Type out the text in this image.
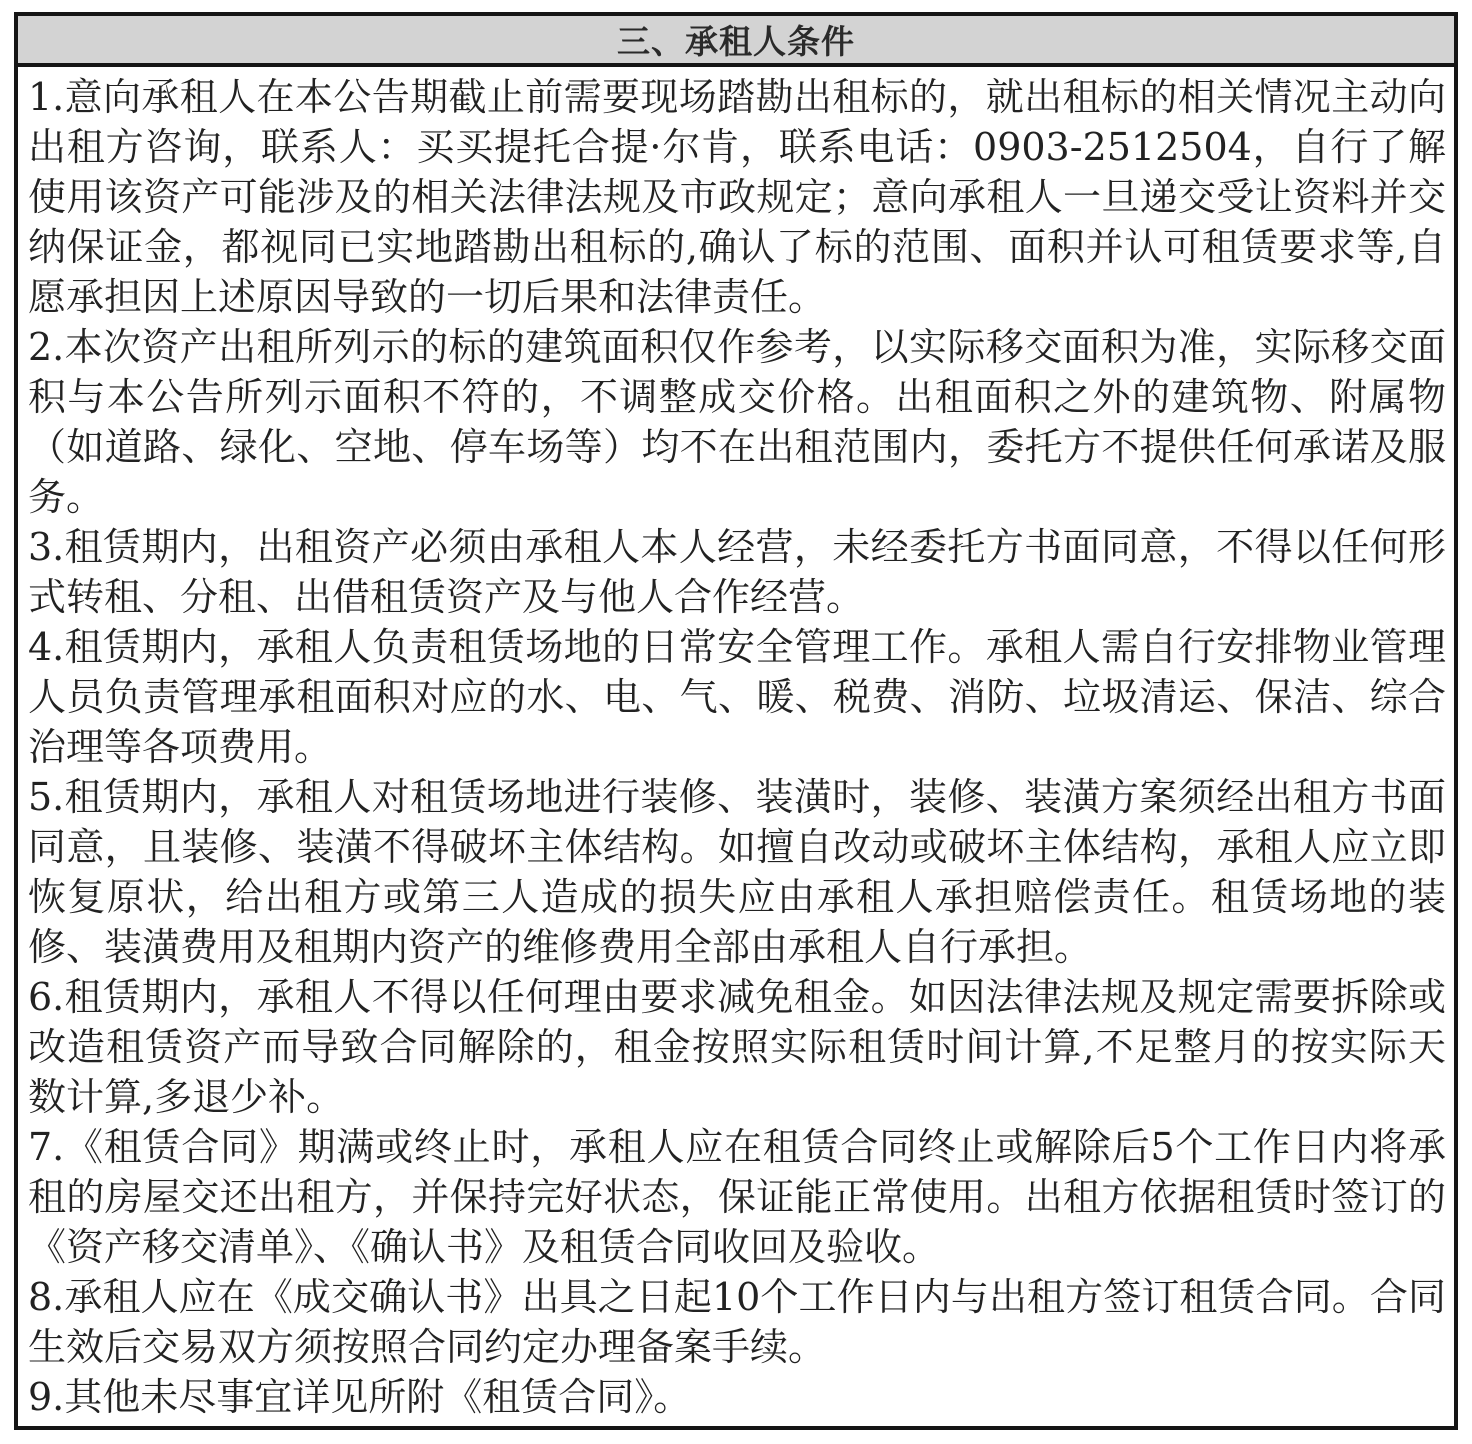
三、承租人条件

1.意向承租人在本公告期截止前需要现场踏勘出租标的，就出租标的相关情况主动向出租方咨询，联系人：买买提托合提·尔肯，联系电话：0903-2512504，自行了解使用该资产可能涉及的相关法律法规及市政规定；意向承租人一旦递交受让资料并交纳保证金，都视同已实地踏勘出租标的,确认了标的范围、面积并认可租赁要求等,自愿承担因上述原因导致的一切后果和法律责任。

2.本次资产出租所列示的标的建筑面积仅作参考，以实际移交面积为准，实际移交面积与本公告所列示面积不符的，不调整成交价格。出租面积之外的建筑物、附属物（如道路、绿化、空地、停车场等）均不在出租范围内，委托方不提供任何承诺及服务。

3.租赁期内，出租资产必须由承租人本人经营，未经委托方书面同意，不得以任何形式转租、分租、出借租赁资产及与他人合作经营。

4.租赁期内，承租人负责租赁场地的日常安全管理工作。承租人需自行安排物业管理人员负责管理承租面积对应的水、电、气、暖、税费、消防、垃圾清运、保洁、综合治理等各项费用。

5.租赁期内，承租人对租赁场地进行装修、装潢时，装修、装潢方案须经出租方书面同意，且装修、装潢不得破坏主体结构。如擅自改动或破坏主体结构，承租人应立即恢复原状，给出租方或第三人造成的损失应由承租人承担赔偿责任。租赁场地的装修、装潢费用及租期内资产的维修费用全部由承租人自行承担。

6.租赁期内，承租人不得以任何理由要求减免租金。如因法律法规及规定需要拆除或改造租赁资产而导致合同解除的，租金按照实际租赁时间计算,不足整月的按实际天数计算,多退少补。

7.《租赁合同》期满或终止时，承租人应在租赁合同终止或解除后5个工作日内将承租的房屋交还出租方，并保持完好状态，保证能正常使用。出租方依据租赁时签订的《资产移交清单》、《确认书》及租赁合同收回及验收。

8.承租人应在《成交确认书》出具之日起10个工作日内与出租方签订租赁合同。合同生效后交易双方须按照合同约定办理备案手续。

9.其他未尽事宜详见所附《租赁合同》。
